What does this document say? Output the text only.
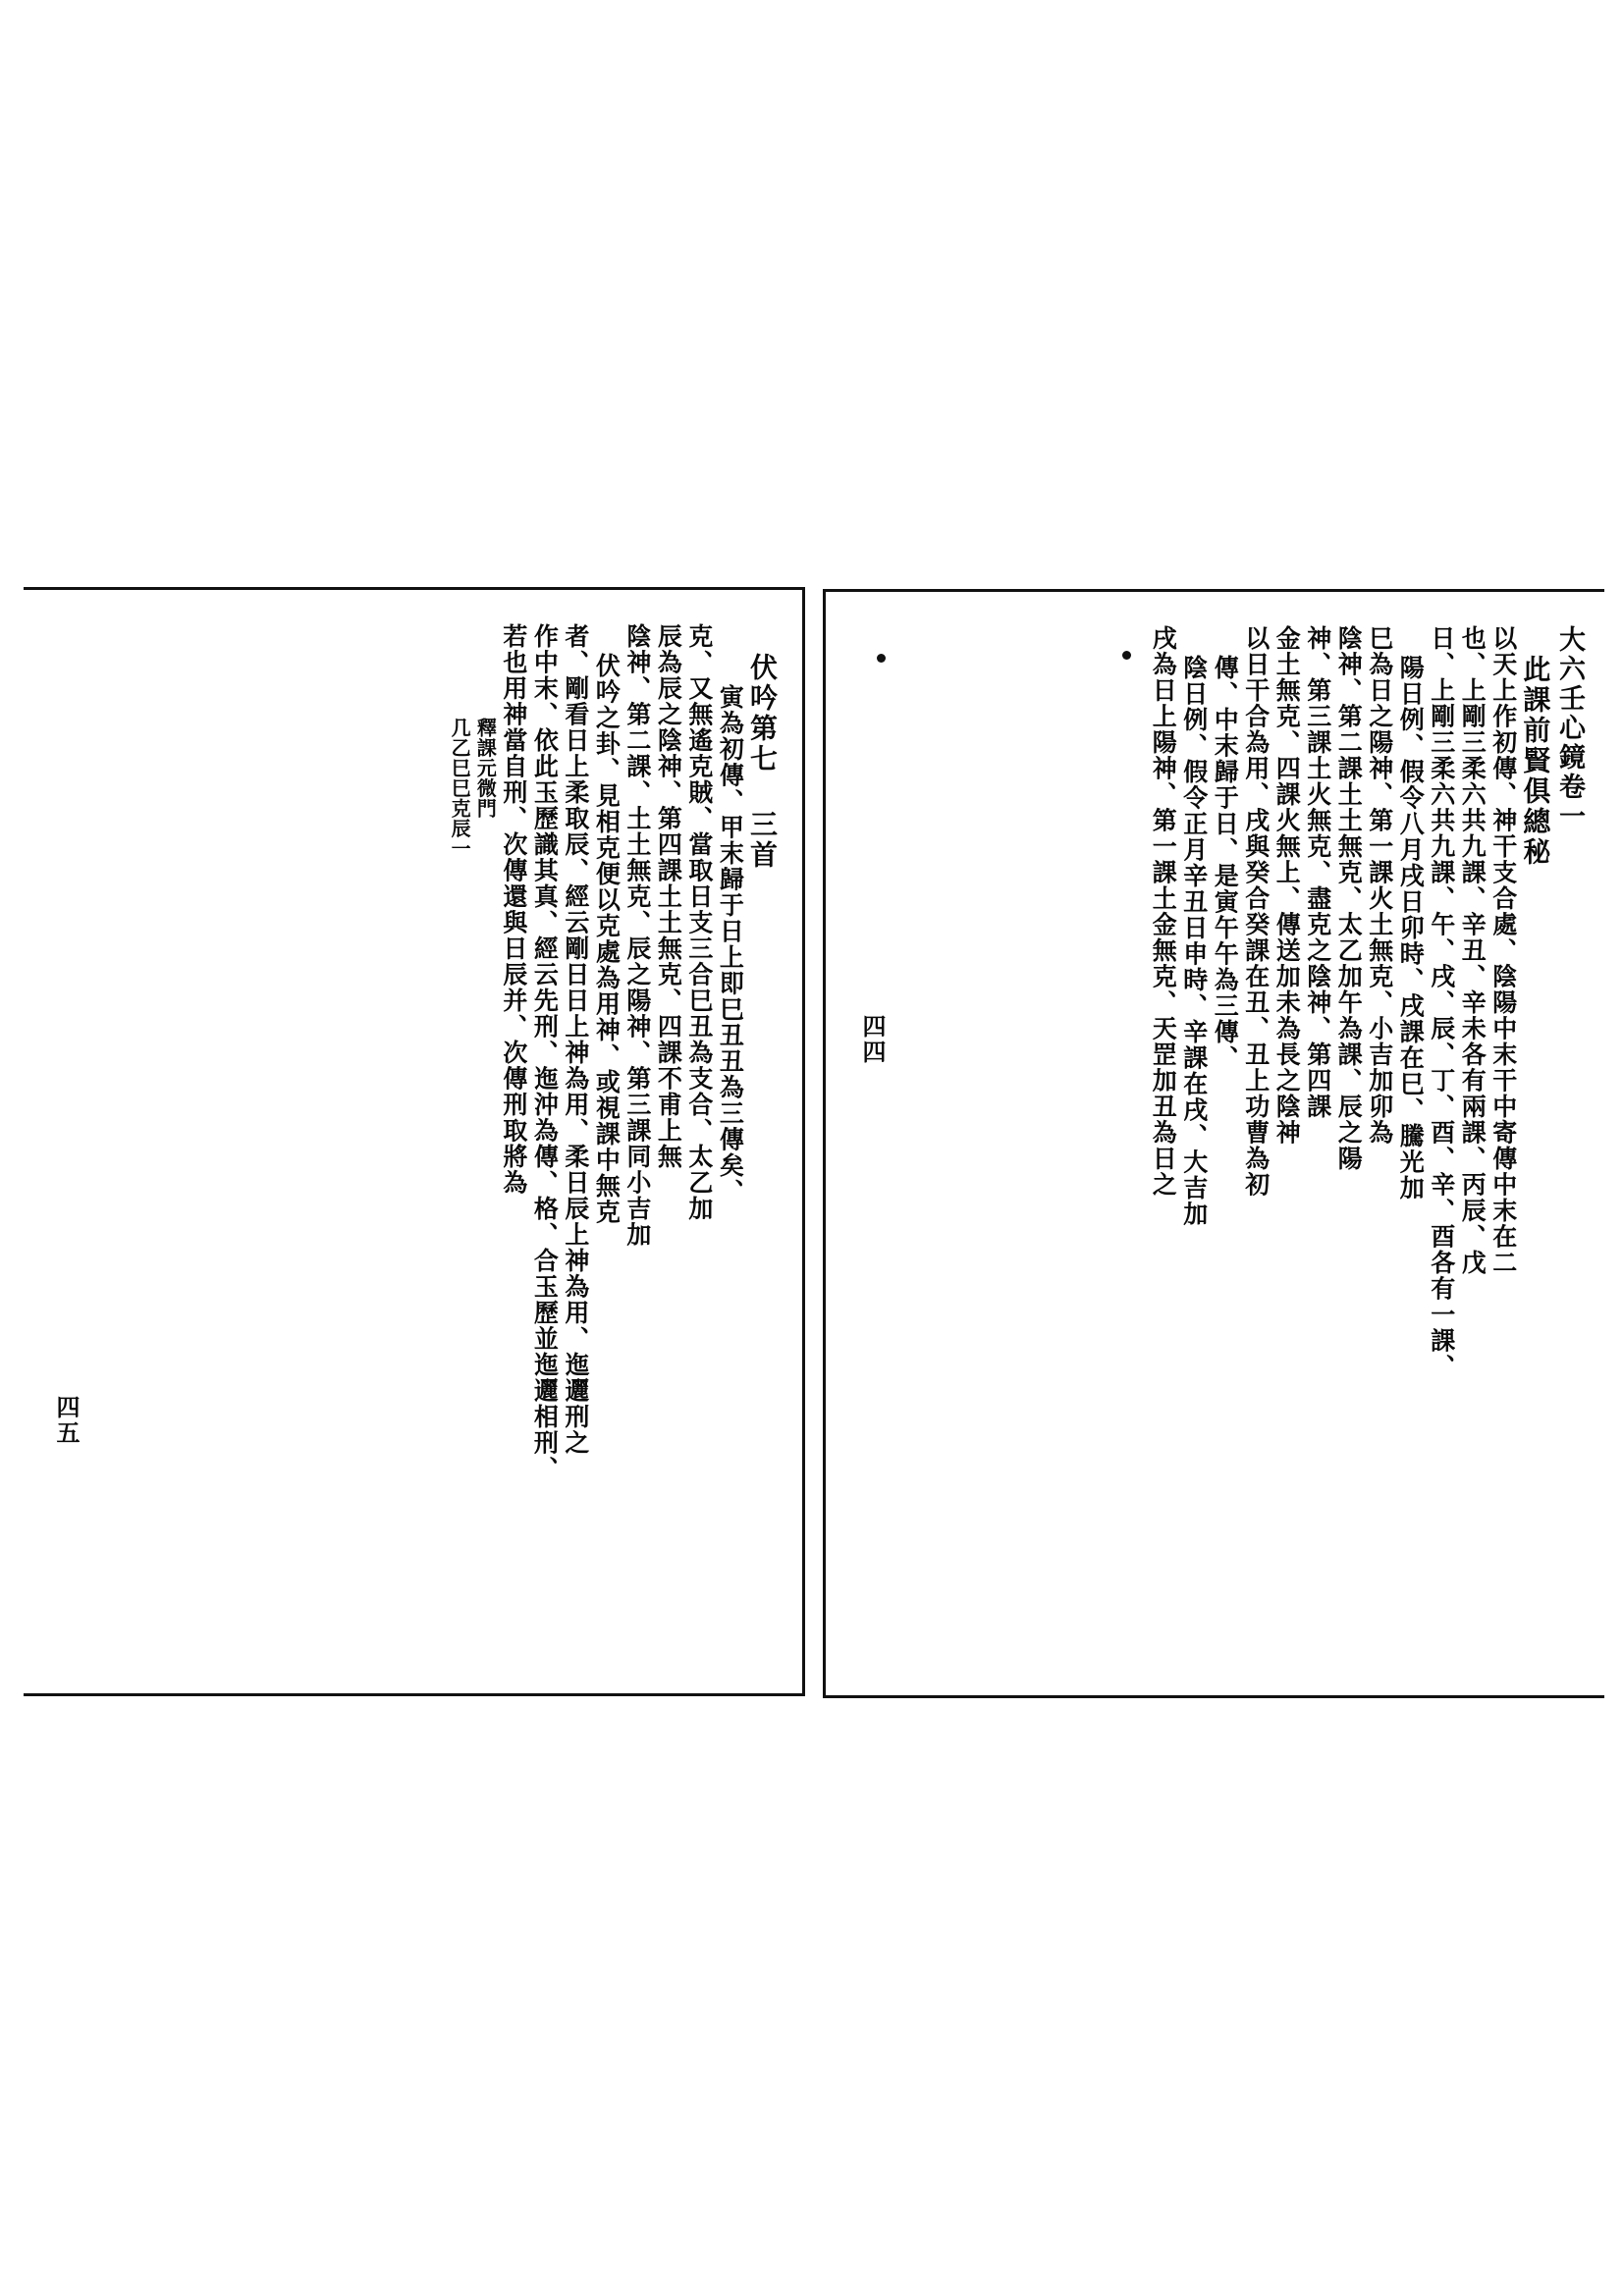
大六壬心鏡卷一
此課前賢俱總秘
以天上作初傳、神干支合處、陰陽中末干中寄傳中末在二
也、上剛三柔六共九課、辛丑、辛未各有兩課、丙辰、戊
日、上剛三柔六共九課、午、戌、辰、丁、酉、辛、酉各有一課、
陽日例、假令八月戌日卯時、戌課在巳、騰光加
巳為日之陽神、第一課火土無克、小吉加卯為
陰神、第二課土土無克、太乙加午為課、辰之陽
神、第三課土火無克、盡克之陰神、第四課
金土無克、四課火無上、傳送加未為長之陰神
以日干合為用、戌與癸合癸課在丑、丑上功曹為初
傳、中末歸于日、是寅午午為三傳、
陰日例、假令正月辛丑日申時、辛課在戌、大吉加
戌為日上陽神、第一課土金無克、天罡加丑為日之
四四
伏吟第七 三首
寅為初傳、甲末歸于日上即巳丑丑為三傳矣、
克、又無遙克賊、當取日支三合巳丑為支合、太乙加
辰為辰之陰神、第四課土土無克、四課不甫上無
陰神、第二課、土土無克、辰之陽神、第三課同小吉加
伏吟之卦、見相克便以克處為用神、或視課中無克
者、剛看日上柔取辰、經云剛日日上神為用、柔日辰上神為用、迤邐刑之
作中末、依此玉歷識其真、經云先刑、迤沖為傳、格、合玉歷並迤邐相刑、
若也用神當自刑、次傳還與日辰并、次傳刑取將為
釋課元微門
几乙巳巳克辰一
四五
